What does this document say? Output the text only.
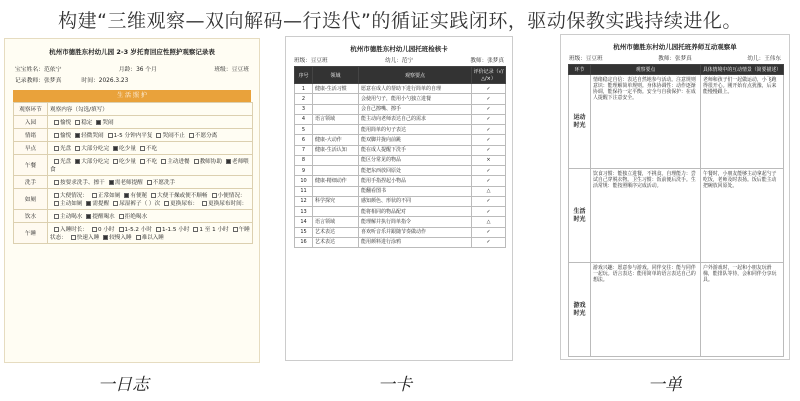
构建“三维观察—双向解码—行迭代”的循证实践闭环，驱动保教实践持续进化。
杭州市德胜东村幼儿园 2-3 岁托育回应性照护观察记录表
宝宝姓名：范依宁	月龄：36 个月	班级：豆豆班
记录教师：张梦真	时间：2026.3.23
生 活 照 护
观察环节	观察内容（勾选/填写）
入园	愉悦 稳定 哭闹
情绪	愉悦 轻微哭闹 1-5 分钟内平复 哭闹不止 不愿分离
早点	光盘 大部分吃完 吃少量 不吃
午餐	光盘 大部分吃完 吃少量 不吃 主动进餐 教师协助 老师喂食
洗手	按要求洗手、擦干 需老师提醒 不愿洗手
如厕	大便情况： 正常如厕 有便秘 大便干燥或便不顺畅 小便情况：主动如厕 需提醒 尿湿裤子（ ）次 更换尿布： 更换尿布时间：
饮水	主动喝水 提醒喝水 拒绝喝水
午睡	入睡时长： 0 小时 1-5.2 小时 1-1.5 小时 1 至 1 小时 午睡状态： 快速入睡 较慢入睡 难以入睡
杭州市德胜东村幼儿园托班检核卡
班级：豆豆班	幼儿：范宁	教师：张梦真
序号	领域	观察要点	评价记录（√/△/×）
1	健康-生活习惯	愿意在成人的帮助下进行简单的自理	✓
2		会使用勺子，能用小勺独立进餐	✓
3		会自己擦嘴、擦手	✓
4	语言领域	能主动向老师表达自己的需求	✓
5		能用简单的句子表达	✓
6	健康-大动作	能双脚并拢向前跳	✓
7	健康-生活认知	能在成人提醒下洗手	✓
8		能区分常见的物品	×
9		能把东西放回原处	✓
10	健康-精细动作	能用手指捏起小物品	✓
11		能翻看图书	△
12	科学探究	感知颜色、形状的不同	✓
13		能将相同的物品配对	✓
14	语言领域	能理解并执行简单指令	△
15	艺术表达	喜欢听音乐并跟随节奏做动作	✓
16	艺术表达	能用颜料进行涂鸦	✓
杭州市德胜东村幼儿园托班养师互动观察单
班级：豆豆班	教师：张梦真	幼儿：王伟东
环节	观察要点	具体情境中的互动情景（简要描述）
运动时光	情绪稳定自信：表达自然地参与活动。注意规则意识：能理解简单规则。身体协调性：动作逐渐协调，能保持一定平衡。安全与自我保护：在成人提醒下注意安全。	老师和孩子们一起做运动，小飞跑得很开心。刚开始有点犹豫，后来能慢慢跟上。
生活时光	饮食习惯：能独立进餐，不挑食。自理能力：尝试自己穿脱衣物。卫生习惯：饭前便后洗手。生活常规：能按照顺序完成活动。	午餐时，小朋友能够主动拿起勺子吃饭，老师及时表扬。饭后能主动把碗放回原处。
游戏时光	游戏兴趣：愿意参与游戏。同伴交往：能与同伴一起玩。语言表达：能用简单的语言表达自己的想法。	户外游戏时，一起和小朋友玩滑梯，能排队等待，会和同伴分享玩具。
一日志	一卡	一单
